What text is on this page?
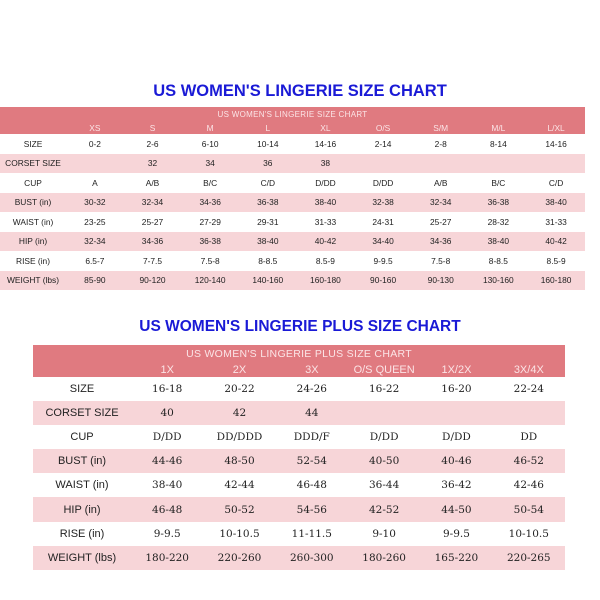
US WOMEN'S LINGERIE SIZE CHART
US WOMEN'S LINGERIE SIZE CHART									
	XS	S	M	L	XL	O/S	S/M	M/L	L/XL
SIZE	0-2	2-6	6-10	10-14	14-16	2-14	2-8	8-14	14-16
CORSET SIZE		32	34	36	38				
CUP	A	A/B	B/C	C/D	D/DD	D/DD	A/B	B/C	C/D
BUST (in)	30-32	32-34	34-36	36-38	38-40	32-38	32-34	36-38	38-40
WAIST (in)	23-25	25-27	27-29	29-31	31-33	24-31	25-27	28-32	31-33
HIP (in)	32-34	34-36	36-38	38-40	40-42	34-40	34-36	38-40	40-42
RISE (in)	6.5-7	7-7.5	7.5-8	8-8.5	8.5-9	9-9.5	7.5-8	8-8.5	8.5-9
WEIGHT (lbs)	85-90	90-120	120-140	140-160	160-180	90-160	90-130	130-160	160-180
US WOMEN'S LINGERIE PLUS SIZE CHART
US WOMEN'S LINGERIE PLUS SIZE CHART						
	1X	2X	3X	O/S QUEEN	1X/2X	3X/4X
SIZE	16-18	20-22	24-26	16-22	16-20	22-24
CORSET SIZE	40	42	44			
CUP	D/DD	DD/DDD	DDD/F	D/DD	D/DD	DD
BUST (in)	44-46	48-50	52-54	40-50	40-46	46-52
WAIST (in)	38-40	42-44	46-48	36-44	36-42	42-46
HIP (in)	46-48	50-52	54-56	42-52	44-50	50-54
RISE (in)	9-9.5	10-10.5	11-11.5	9-10	9-9.5	10-10.5
WEIGHT (lbs)	180-220	220-260	260-300	180-260	165-220	220-265
